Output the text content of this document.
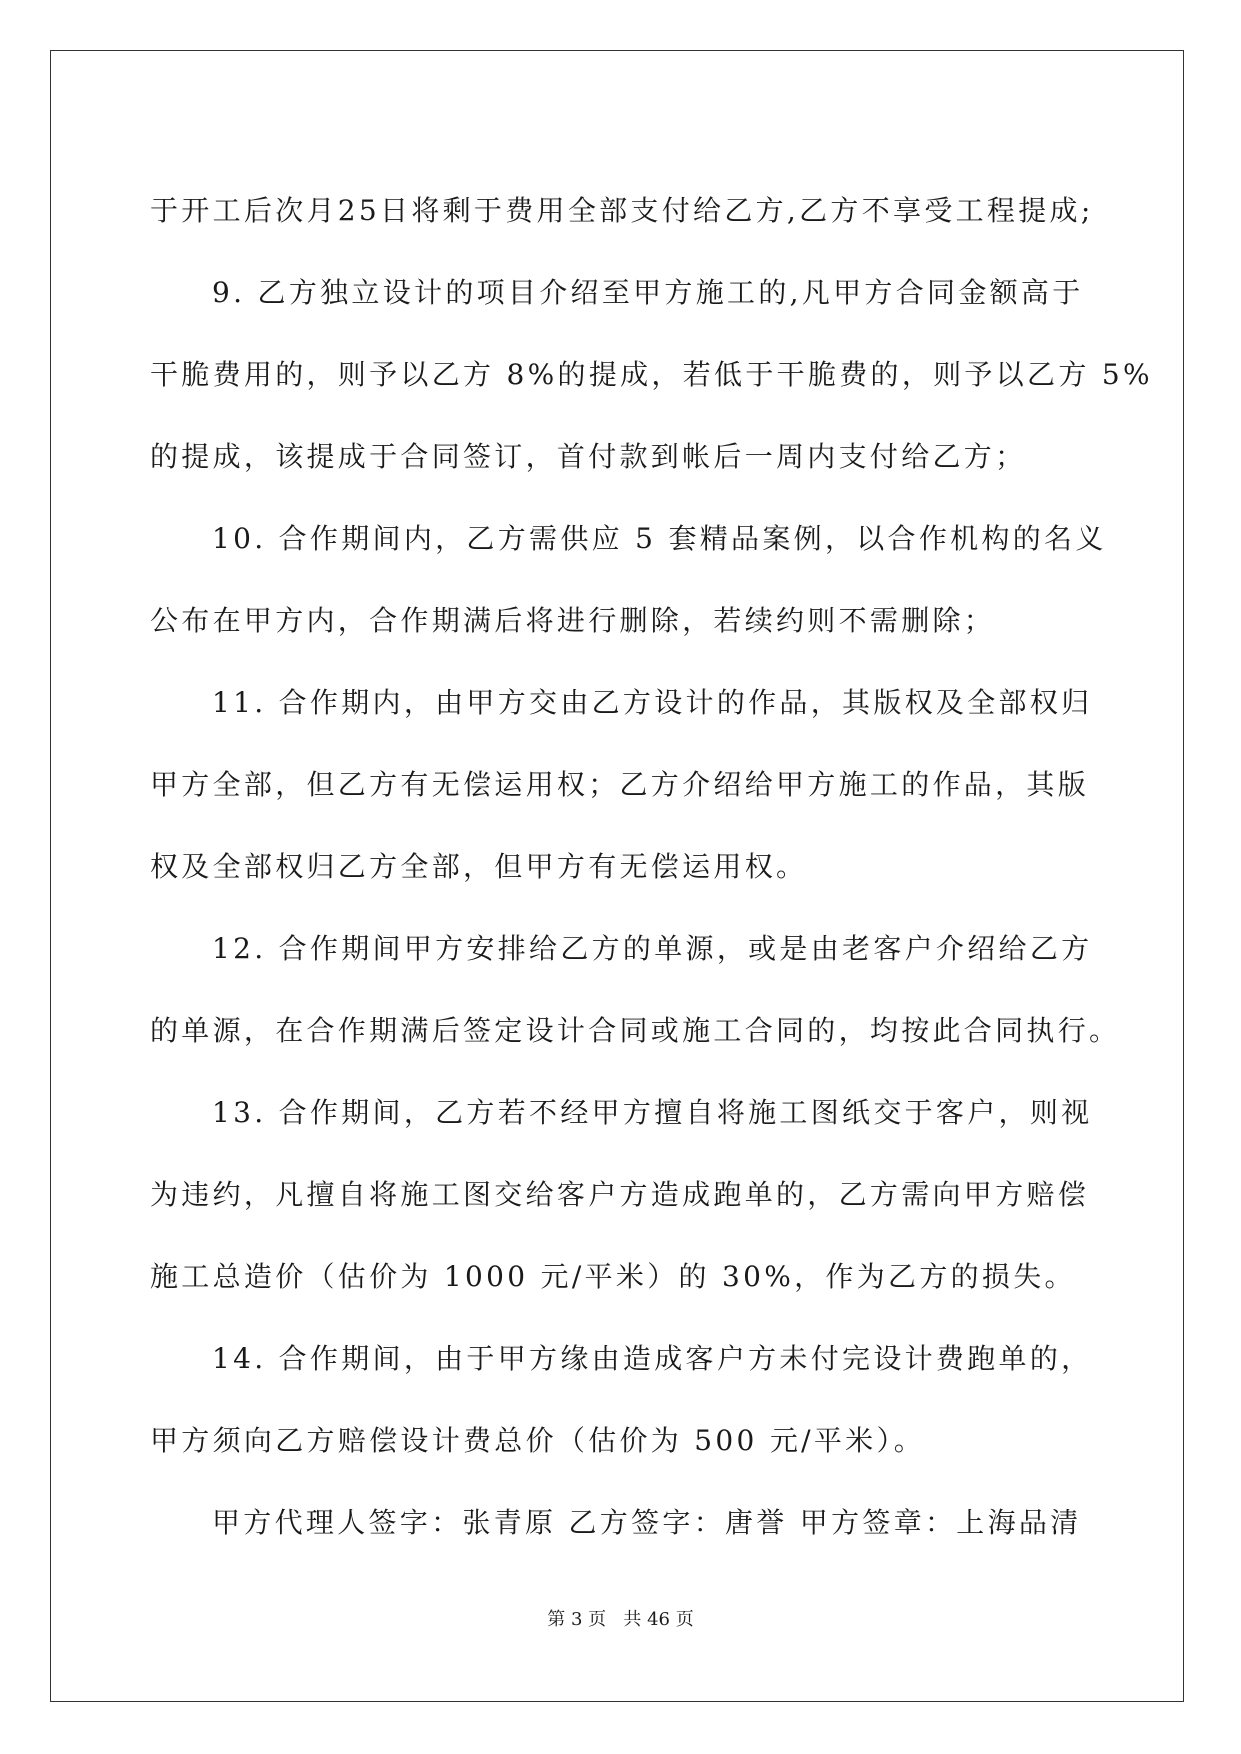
于开工后次月25日将剩于费用全部支付给乙方,乙方不享受工程提成;
9. 乙方独立设计的项目介绍至甲方施工的,凡甲方合同金额高于
干脆费用的，则予以乙方 8%的提成，若低于干脆费的，则予以乙方 5%
的提成，该提成于合同签订，首付款到帐后一周内支付给乙方；
10. 合作期间内，乙方需供应 5 套精品案例，以合作机构的名义
公布在甲方内，合作期满后将进行删除，若续约则不需删除；
11. 合作期内，由甲方交由乙方设计的作品，其版权及全部权归
甲方全部，但乙方有无偿运用权；乙方介绍给甲方施工的作品，其版
权及全部权归乙方全部，但甲方有无偿运用权。
12. 合作期间甲方安排给乙方的单源，或是由老客户介绍给乙方
的单源，在合作期满后签定设计合同或施工合同的，均按此合同执行。
13. 合作期间，乙方若不经甲方擅自将施工图纸交于客户，则视
为违约，凡擅自将施工图交给客户方造成跑单的，乙方需向甲方赔偿
施工总造价（估价为 1000 元/平米）的 30%，作为乙方的损失。
14. 合作期间，由于甲方缘由造成客户方未付完设计费跑单的，
甲方须向乙方赔偿设计费总价（估价为 500 元/平米）。
甲方代理人签字：张青原 乙方签字：唐誉 甲方签章：上海品清
第 3 页   共 46 页
